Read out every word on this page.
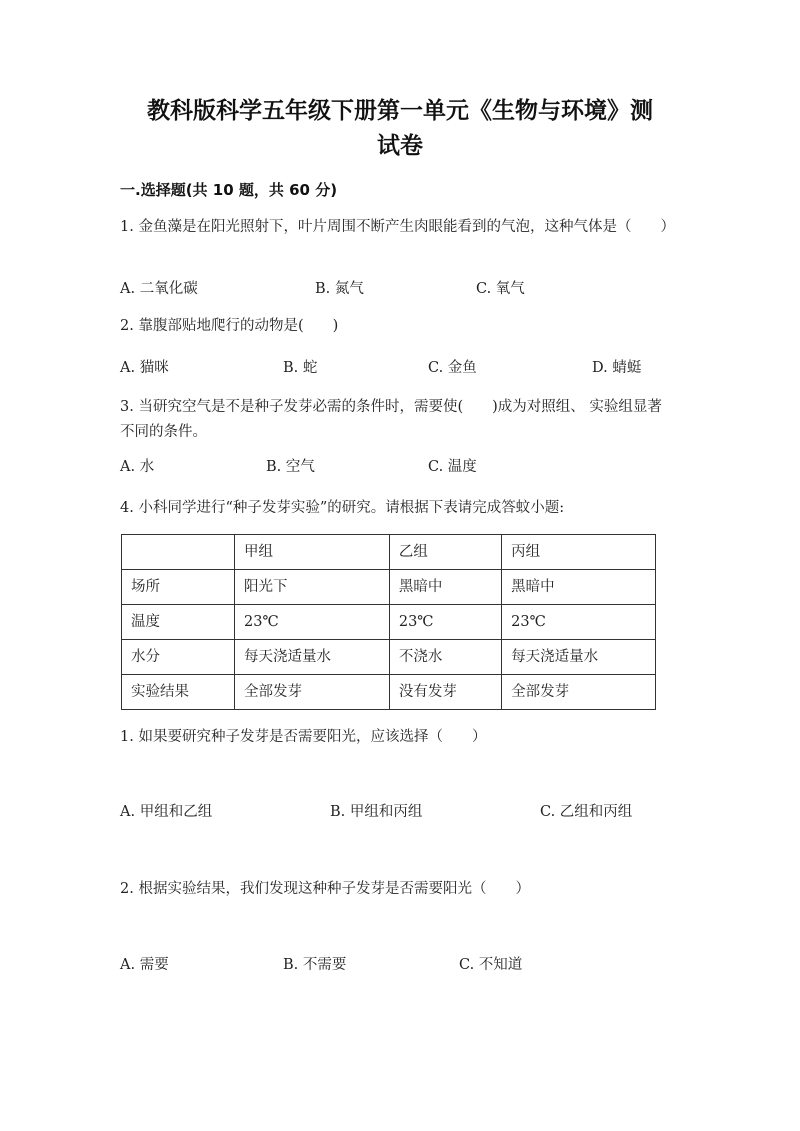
教科版科学五年级下册第一单元《生物与环境》测
试卷
一.选择题(共 10 题，共 60 分)
1. 金鱼藻是在阳光照射下，叶片周围不断产生肉眼能看到的气泡，这种气体是（　　）
A. 二氧化碳	B. 氮气	C. 氧气
2. 靠腹部贴地爬行的动物是(　　)
A. 猫咪	B. 蛇	C. 金鱼	D. 蜻蜓
3. 当研究空气是不是种子发芽必需的条件时，需要使(　　)成为对照组、 实验组显著不同的条件。
A. 水	B. 空气	C. 温度
4. 小科同学进行“种子发芽实验”的研究。请根据下表请完成答蚊小题:
	甲组	乙组	丙组
场所	阳光下	黑暗中	黑暗中
温度	23℃	23℃	23℃
水分	每天浇适量水	不浇水	每天浇适量水
实验结果	全部发芽	没有发芽	全部发芽
1. 如果要研究种子发芽是否需要阳光，应该选择（　　）
A. 甲组和乙组	B. 甲组和丙组	C. 乙组和丙组
2. 根据实验结果，我们发现这种种子发芽是否需要阳光（　　）
A. 需要	B. 不需要	C. 不知道
